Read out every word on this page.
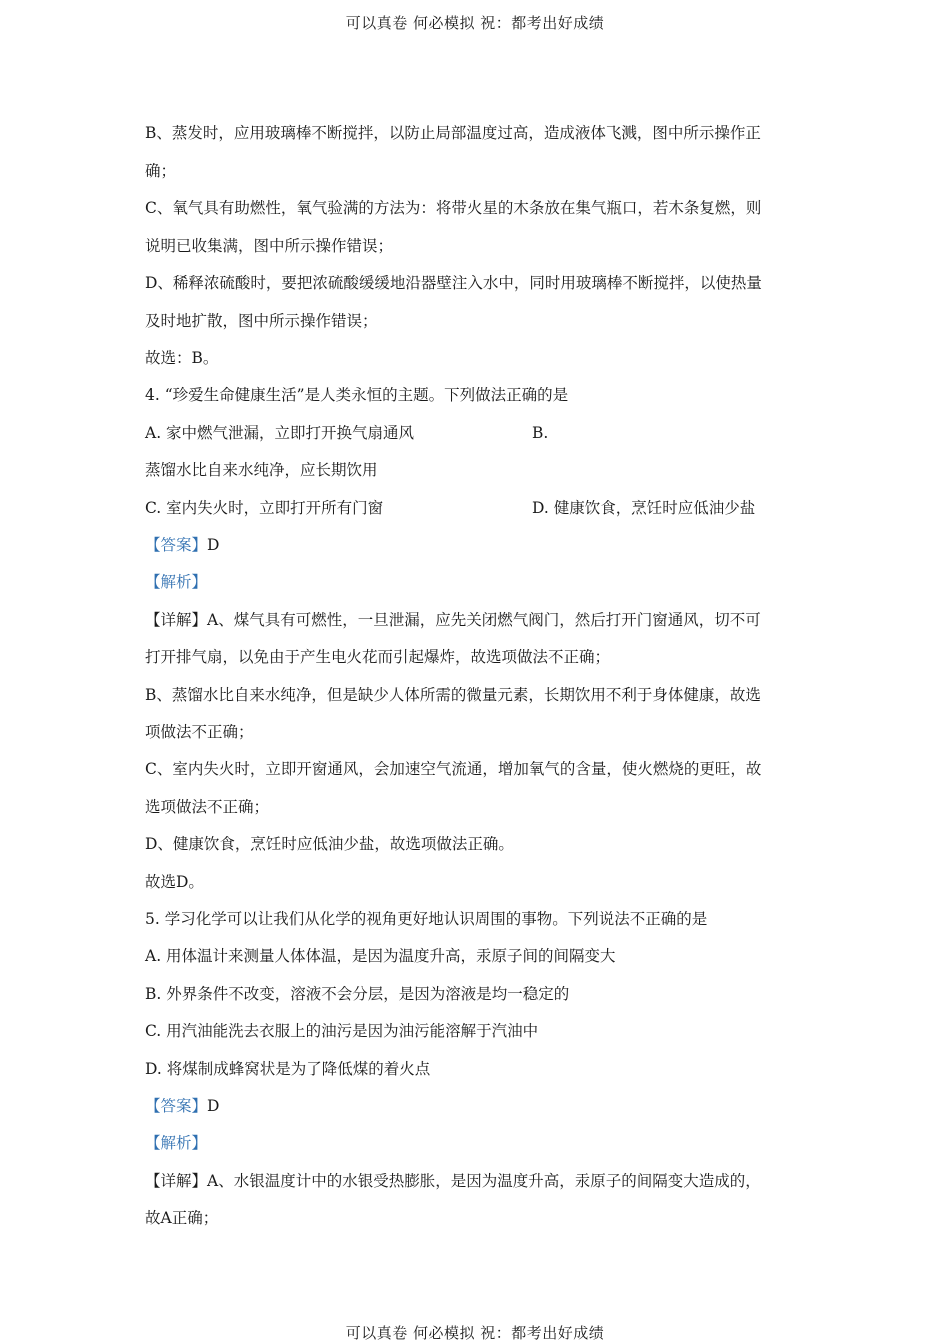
可以真卷 何必模拟 祝：都考出好成绩
B、蒸发时，应用玻璃棒不断搅拌，以防止局部温度过高，造成液体飞溅，图中所示操作正
确；
C、氧气具有助燃性，氧气验满的方法为：将带火星的木条放在集气瓶口，若木条复燃，则
说明已收集满，图中所示操作错误；
D、稀释浓硫酸时，要把浓硫酸缓缓地沿器壁注入水中，同时用玻璃棒不断搅拌，以使热量
及时地扩散，图中所示操作错误；
故选：B。
4. “珍爱生命健康生活”是人类永恒的主题。下列做法正确的是
A. 家中燃气泄漏，立即打开换气扇通风	B.
蒸馏水比自来水纯净，应长期饮用
C. 室内失火时，立即打开所有门窗	D. 健康饮食，烹饪时应低油少盐
【答案】D
【解析】
【详解】A、煤气具有可燃性，一旦泄漏，应先关闭燃气阀门，然后打开门窗通风，切不可
打开排气扇，以免由于产生电火花而引起爆炸，故选项做法不正确；
B、蒸馏水比自来水纯净，但是缺少人体所需的微量元素，长期饮用不利于身体健康，故选
项做法不正确；
C、室内失火时，立即开窗通风，会加速空气流通，增加氧气的含量，使火燃烧的更旺，故
选项做法不正确；
D、健康饮食，烹饪时应低油少盐，故选项做法正确。
故选D。
5. 学习化学可以让我们从化学的视角更好地认识周围的事物。下列说法不正确的是
A. 用体温计来测量人体体温，是因为温度升高，汞原子间的间隔变大
B. 外界条件不改变，溶液不会分层，是因为溶液是均一稳定的
C. 用汽油能洗去衣服上的油污是因为油污能溶解于汽油中
D. 将煤制成蜂窝状是为了降低煤的着火点
【答案】D
【解析】
【详解】A、水银温度计中的水银受热膨胀，是因为温度升高，汞原子的间隔变大造成的，
故A正确；
可以真卷 何必模拟 祝：都考出好成绩
